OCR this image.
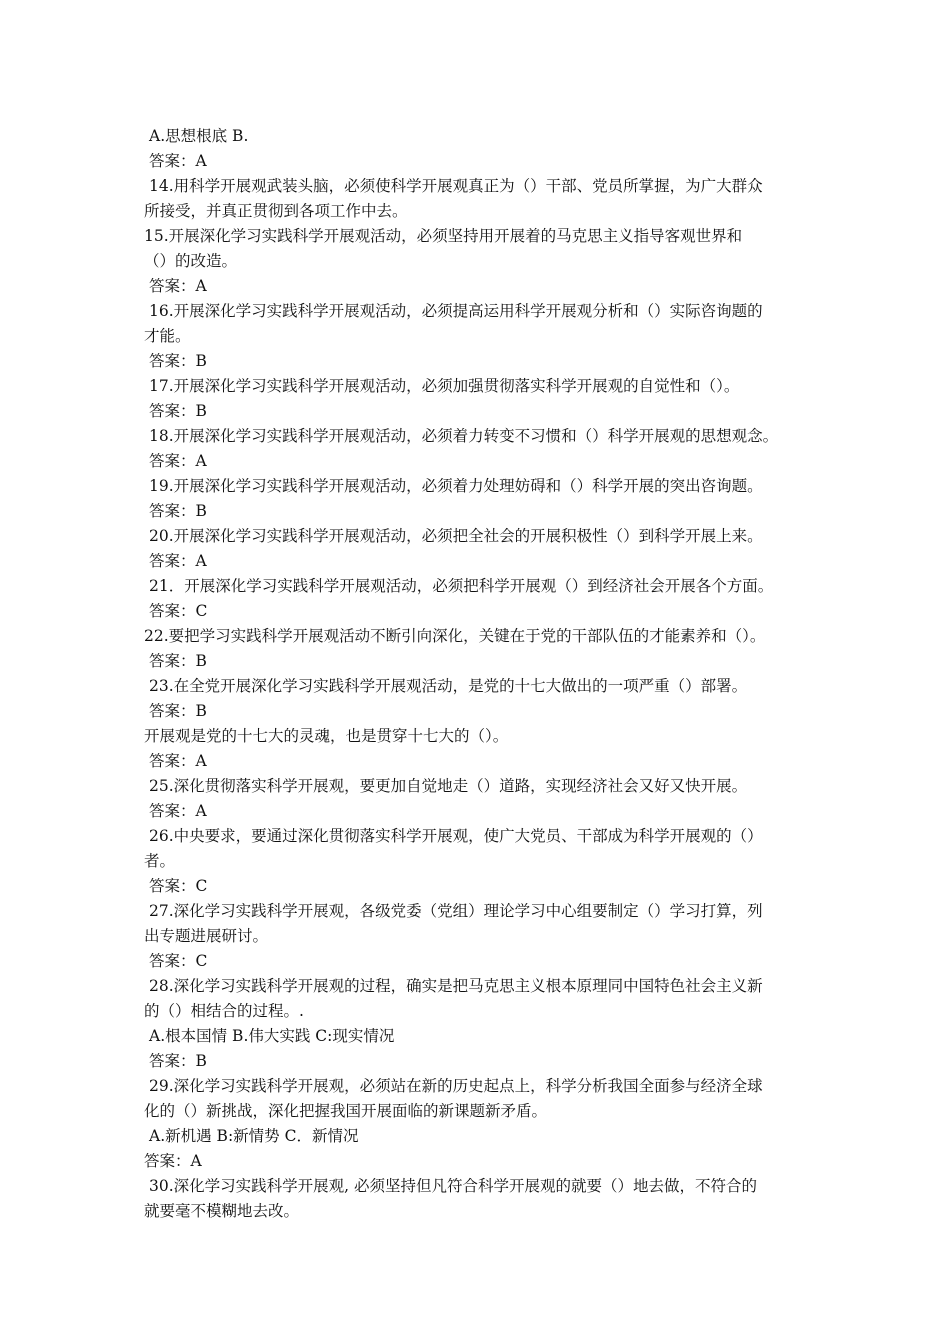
A.思想根底 B.
答案：A
14.用科学开展观武装头脑，必须使科学开展观真正为（）干部、党员所掌握，为广大群众
所接受，并真正贯彻到各项工作中去。
15.开展深化学习实践科学开展观活动，必须坚持用开展着的马克思主义指导客观世界和
（）的改造。
答案：A
16.开展深化学习实践科学开展观活动，必须提高运用科学开展观分析和（）实际咨询题的
才能。
答案：B
17.开展深化学习实践科学开展观活动，必须加强贯彻落实科学开展观的自觉性和（）。
答案：B
18.开展深化学习实践科学开展观活动，必须着力转变不习惯和（）科学开展观的思想观念。
答案：A
19.开展深化学习实践科学开展观活动，必须着力处理妨碍和（）科学开展的突出咨询题。
答案：B
20.开展深化学习实践科学开展观活动，必须把全社会的开展积极性（）到科学开展上来。
答案：A
21．开展深化学习实践科学开展观活动，必须把科学开展观（）到经济社会开展各个方面。
答案：C
22.要把学习实践科学开展观活动不断引向深化，关键在于党的干部队伍的才能素养和（）。
答案：B
23.在全党开展深化学习实践科学开展观活动，是党的十七大做出的一项严重（）部署。
答案：B
开展观是党的十七大的灵魂，也是贯穿十七大的（）。
答案：A
25.深化贯彻落实科学开展观，要更加自觉地走（）道路，实现经济社会又好又快开展。
答案：A
26.中央要求，要通过深化贯彻落实科学开展观，使广大党员、干部成为科学开展观的（）
者。
答案：C
27.深化学习实践科学开展观，各级党委（党组）理论学习中心组要制定（）学习打算，列
出专题进展研讨。
答案：C
28.深化学习实践科学开展观的过程，确实是把马克思主义根本原理同中国特色社会主义新
的（）相结合的过程。.
A.根本国情 B.伟大实践 C:现实情况
答案：B
29.深化学习实践科学开展观，必须站在新的历史起点上，科学分析我国全面参与经济全球
化的（）新挑战，深化把握我国开展面临的新课题新矛盾。
A.新机遇 B:新情势 C．新情况
答案：A
30.深化学习实践科学开展观, 必须坚持但凡符合科学开展观的就要（）地去做，不符合的
就要毫不模糊地去改。
